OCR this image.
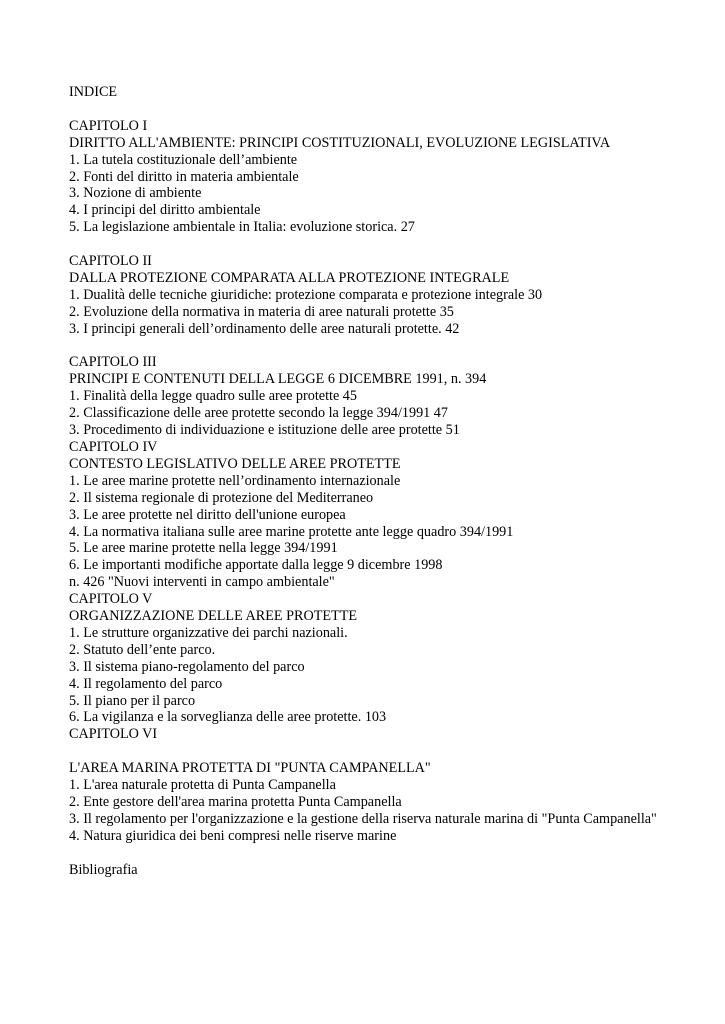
INDICE
CAPITOLO I
DIRITTO ALL'AMBIENTE: PRINCIPI COSTITUZIONALI, EVOLUZIONE LEGISLATIVA
1. La tutela costituzionale dell’ambiente
2. Fonti del diritto in materia ambientale
3. Nozione di ambiente
4. I principi del diritto ambientale
5. La legislazione ambientale in Italia: evoluzione storica. 27
CAPITOLO II
DALLA PROTEZIONE COMPARATA ALLA PROTEZIONE INTEGRALE
1. Dualità delle tecniche giuridiche: protezione comparata e protezione integrale 30
2. Evoluzione della normativa in materia di aree naturali protette 35
3. I principi generali dell’ordinamento delle aree naturali protette. 42
CAPITOLO III
PRINCIPI E CONTENUTI DELLA LEGGE 6 DICEMBRE 1991, n. 394
1. Finalità della legge quadro sulle aree protette 45
2. Classificazione delle aree protette secondo la legge 394/1991 47
3. Procedimento di individuazione e istituzione delle aree protette 51
CAPITOLO IV
CONTESTO LEGISLATIVO DELLE AREE PROTETTE
1. Le aree marine protette nell’ordinamento internazionale
2. Il sistema regionale di protezione del Mediterraneo
3. Le aree protette nel diritto dell'unione europea
4. La normativa italiana sulle aree marine protette ante legge quadro 394/1991
5. Le aree marine protette nella legge 394/1991
6. Le importanti modifiche apportate dalla legge 9 dicembre 1998
n. 426 "Nuovi interventi in campo ambientale"
CAPITOLO V
ORGANIZZAZIONE DELLE AREE PROTETTE
1. Le strutture organizzative dei parchi nazionali.
2. Statuto dell’ente parco.
3. Il sistema piano-regolamento del parco
4. Il regolamento del parco
5. Il piano per il parco
6. La vigilanza e la sorveglianza delle aree protette. 103
CAPITOLO VI
L'AREA MARINA PROTETTA DI "PUNTA CAMPANELLA"
1. L'area naturale protetta di Punta Campanella
2. Ente gestore dell'area marina protetta Punta Campanella
3. Il regolamento per l'organizzazione e la gestione della riserva naturale marina di "Punta Campanella"
4. Natura giuridica dei beni compresi nelle riserve marine
Bibliografia
